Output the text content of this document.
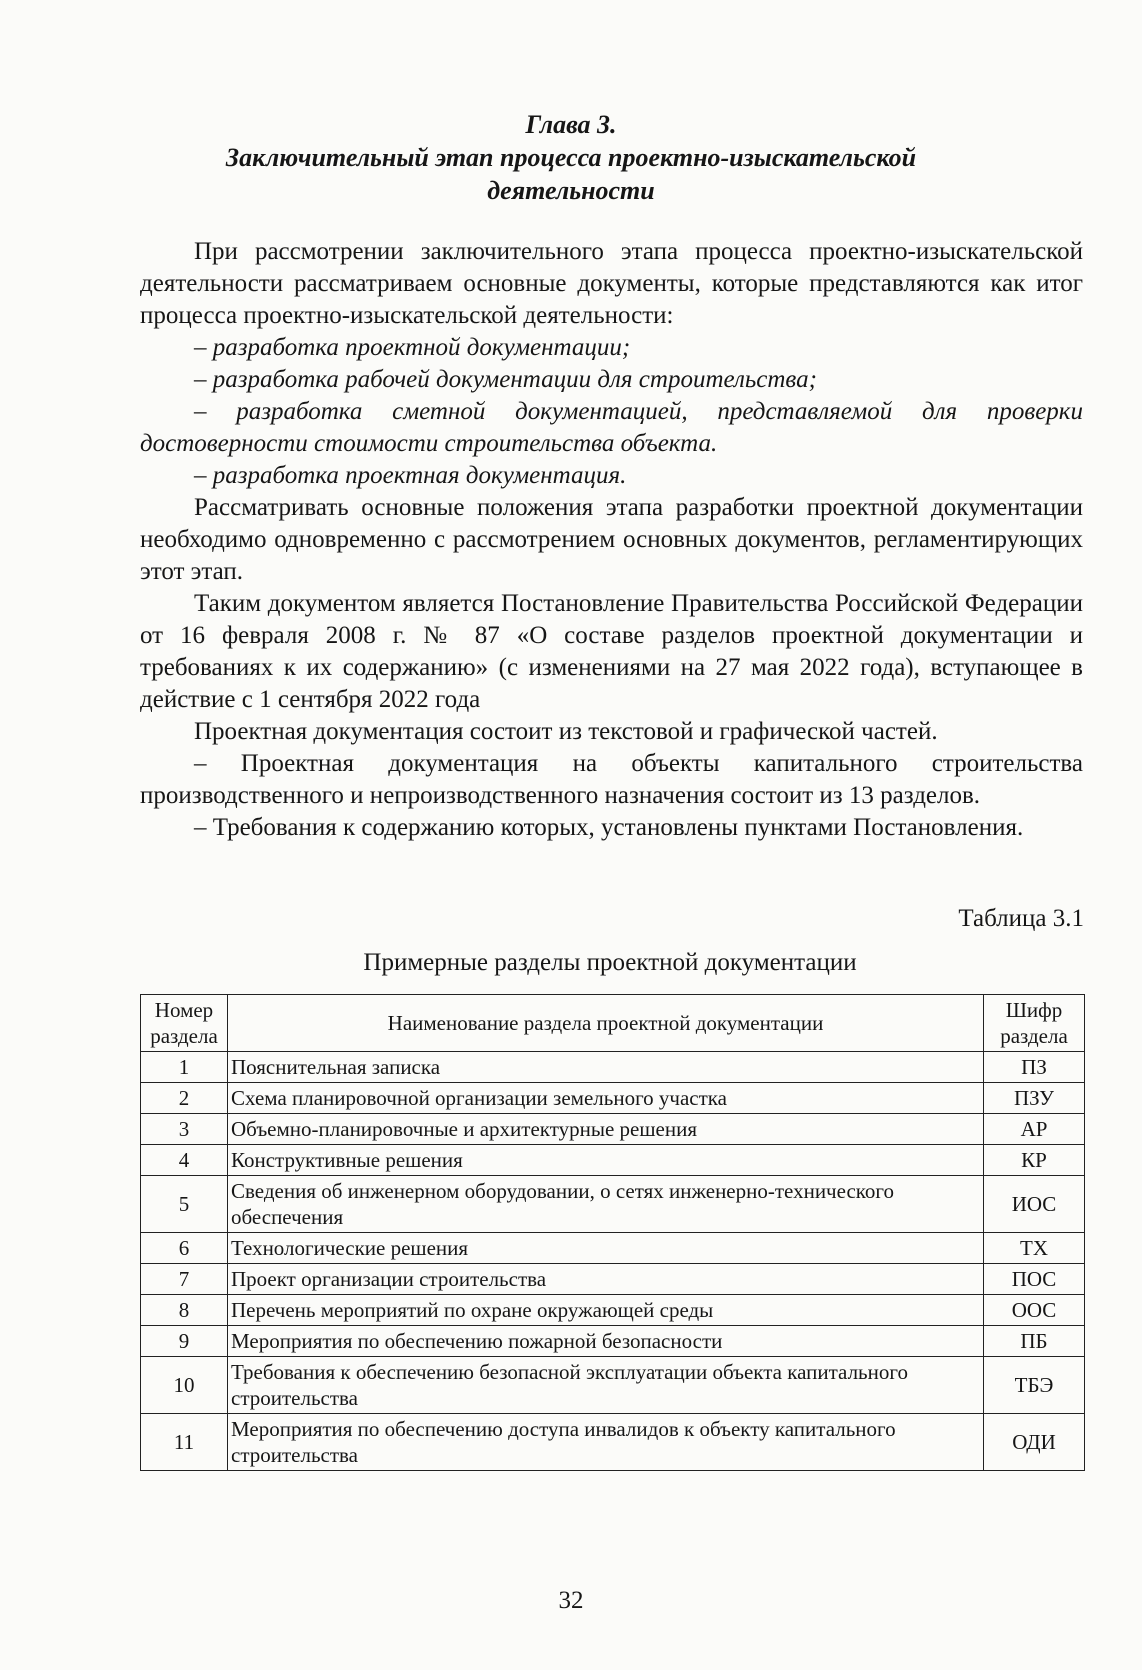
Глава 3.
Заключительный этап процесса проектно-изыскательской
деятельности

При рассмотрении заключительного этапа процесса проектно-изыскательской деятельности рассматриваем основные документы, которые представляются как итог процесса проектно-изыскательской деятельности:

– разработка проектной документации;

– разработка рабочей документации для строительства;

– разработка сметной документацией, представляемой для проверки достоверности стоимости строительства объекта.

– разработка проектная документация.

Рассматривать основные положения этапа разработки проектной документации необходимо одновременно с рассмотрением основных документов, регламентирующих этот этап.

Таким документом является Постановление Правительства Российской Федерации от 16 февраля 2008 г. № 87 «О составе разделов проектной документации и требованиях к их содержанию» (с изменениями на 27 мая 2022 года), вступающее в действие с 1 сентября 2022 года

Проектная документация состоит из текстовой и графической частей.

– Проектная документация на объекты капитального строительства производственного и непроизводственного назначения состоит из 13 разделов.

– Требования к содержанию которых, установлены пунктами Постановления.

Таблица 3.1
Примерные разделы проектной документации
Номер раздела	Наименование раздела проектной документации	Шифр раздела
1	Пояснительная записка	ПЗ
2	Схема планировочной организации земельного участка	ПЗУ
3	Объемно-планировочные и архитектурные решения	АР
4	Конструктивные решения	КР
5	Сведения об инженерном оборудовании, о сетях инженерно-технического обеспечения	ИОС
6	Технологические решения	ТХ
7	Проект организации строительства	ПОС
8	Перечень мероприятий по охране окружающей среды	ООС
9	Мероприятия по обеспечению пожарной безопасности	ПБ
10	Требования к обеспечению безопасной эксплуатации объекта капитального строительства	ТБЭ
11	Мероприятия по обеспечению доступа инвалидов к объекту капитального строительства	ОДИ
32
